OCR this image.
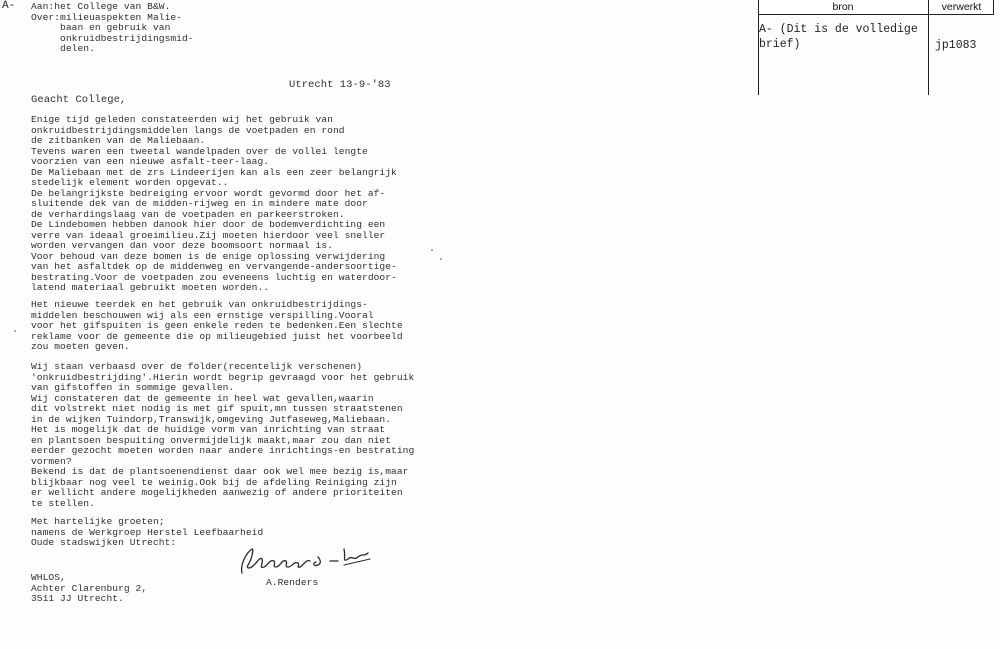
A- Aan:het College van B&W.
Over:milieuaspekten Malie-
baan en gebruik van
onkruidbestrijdingsmid-
delen.
Utrecht 13-9-'83
Geacht College,
Enige tijd geleden constateerden wij het gebruik van
onkruidbestrijdingsmiddelen langs de voetpaden en rond
de zitbanken van de Maliebaan.
Tevens waren een tweetal wandelpaden over de vollei lengte
voorzien van een nieuwe asfalt-teer-laag.
De Maliebaan met de zrs Lindeerijen kan als een zeer belangrijk
stedelijk element worden opgevat..
De belangrijkste bedreiging ervoor wordt gevormd door het af-
sluitende dek van de midden-rijweg en in mindere mate door
de verhardingslaag van de voetpaden en parkeerstroken.
De Lindebomen hebben danook hier door de bodemverdichting een
verre van ideaal groeimilieu.Zij moeten hierdoor veel sneller
worden vervangen dan voor deze boomsoort normaal is.
Voor behoud van deze bomen is de enige oplossing verwijdering
van het asfaltdek op de middenweg en vervangende-andersoortige-
bestrating.Voor de voetpaden zou eveneens luchtig en waterdoor-
latend materiaal gebruikt moeten worden..
Het nieuwe teerdek en het gebruik van onkruidbestrijdings-
middelen beschouwen wij als een ernstige verspilling.Vooral
voor het gifspuiten is geen enkele reden te bedenken.Een slechte
reklame voor de gemeente die op milieugebied juist het voorbeeld
zou moeten geven.
Wij staan verbaasd over de folder(recentelijk verschenen)
'onkruidbestrijding'.Hierin wordt begrip gevraagd voor het gebruik
van gifstoffen in sommige gevallen.
Wij constateren dat de gemeente in heel wat gevallen,waarin
dit volstrekt niet nodig is met gif spuit,mn tussen straatstenen
in de wijken Tuindorp,Transwijk,omgeving Jutfaseweg,Maliebaan.
Het is mogelijk dat de huidige vorm van inrichting van straat
en plantsoen bespuiting onvermijdelijk maakt,maar zou dan niet
eerder gezocht moeten worden naar andere inrichtings-en bestrating
vormen?
Bekend is dat de plantsoenendienst daar ook wel mee bezig is,maar
blijkbaar nog veel te weinig.Ook bij de afdeling Reiniging zijn
er wellicht andere mogelijkheden aanwezig of andere prioriteiten
te stellen.
Met hartelijke groeten;
namens de Werkgroep Herstel Leefbaarheid
Oude stadswijken Utrecht:
A.Renders
WHLOS,
Achter Clarenburg 2,
3511 JJ Utrecht.
bron	verwerkt
A- (Dit is de volledige
brief)	jp1083
